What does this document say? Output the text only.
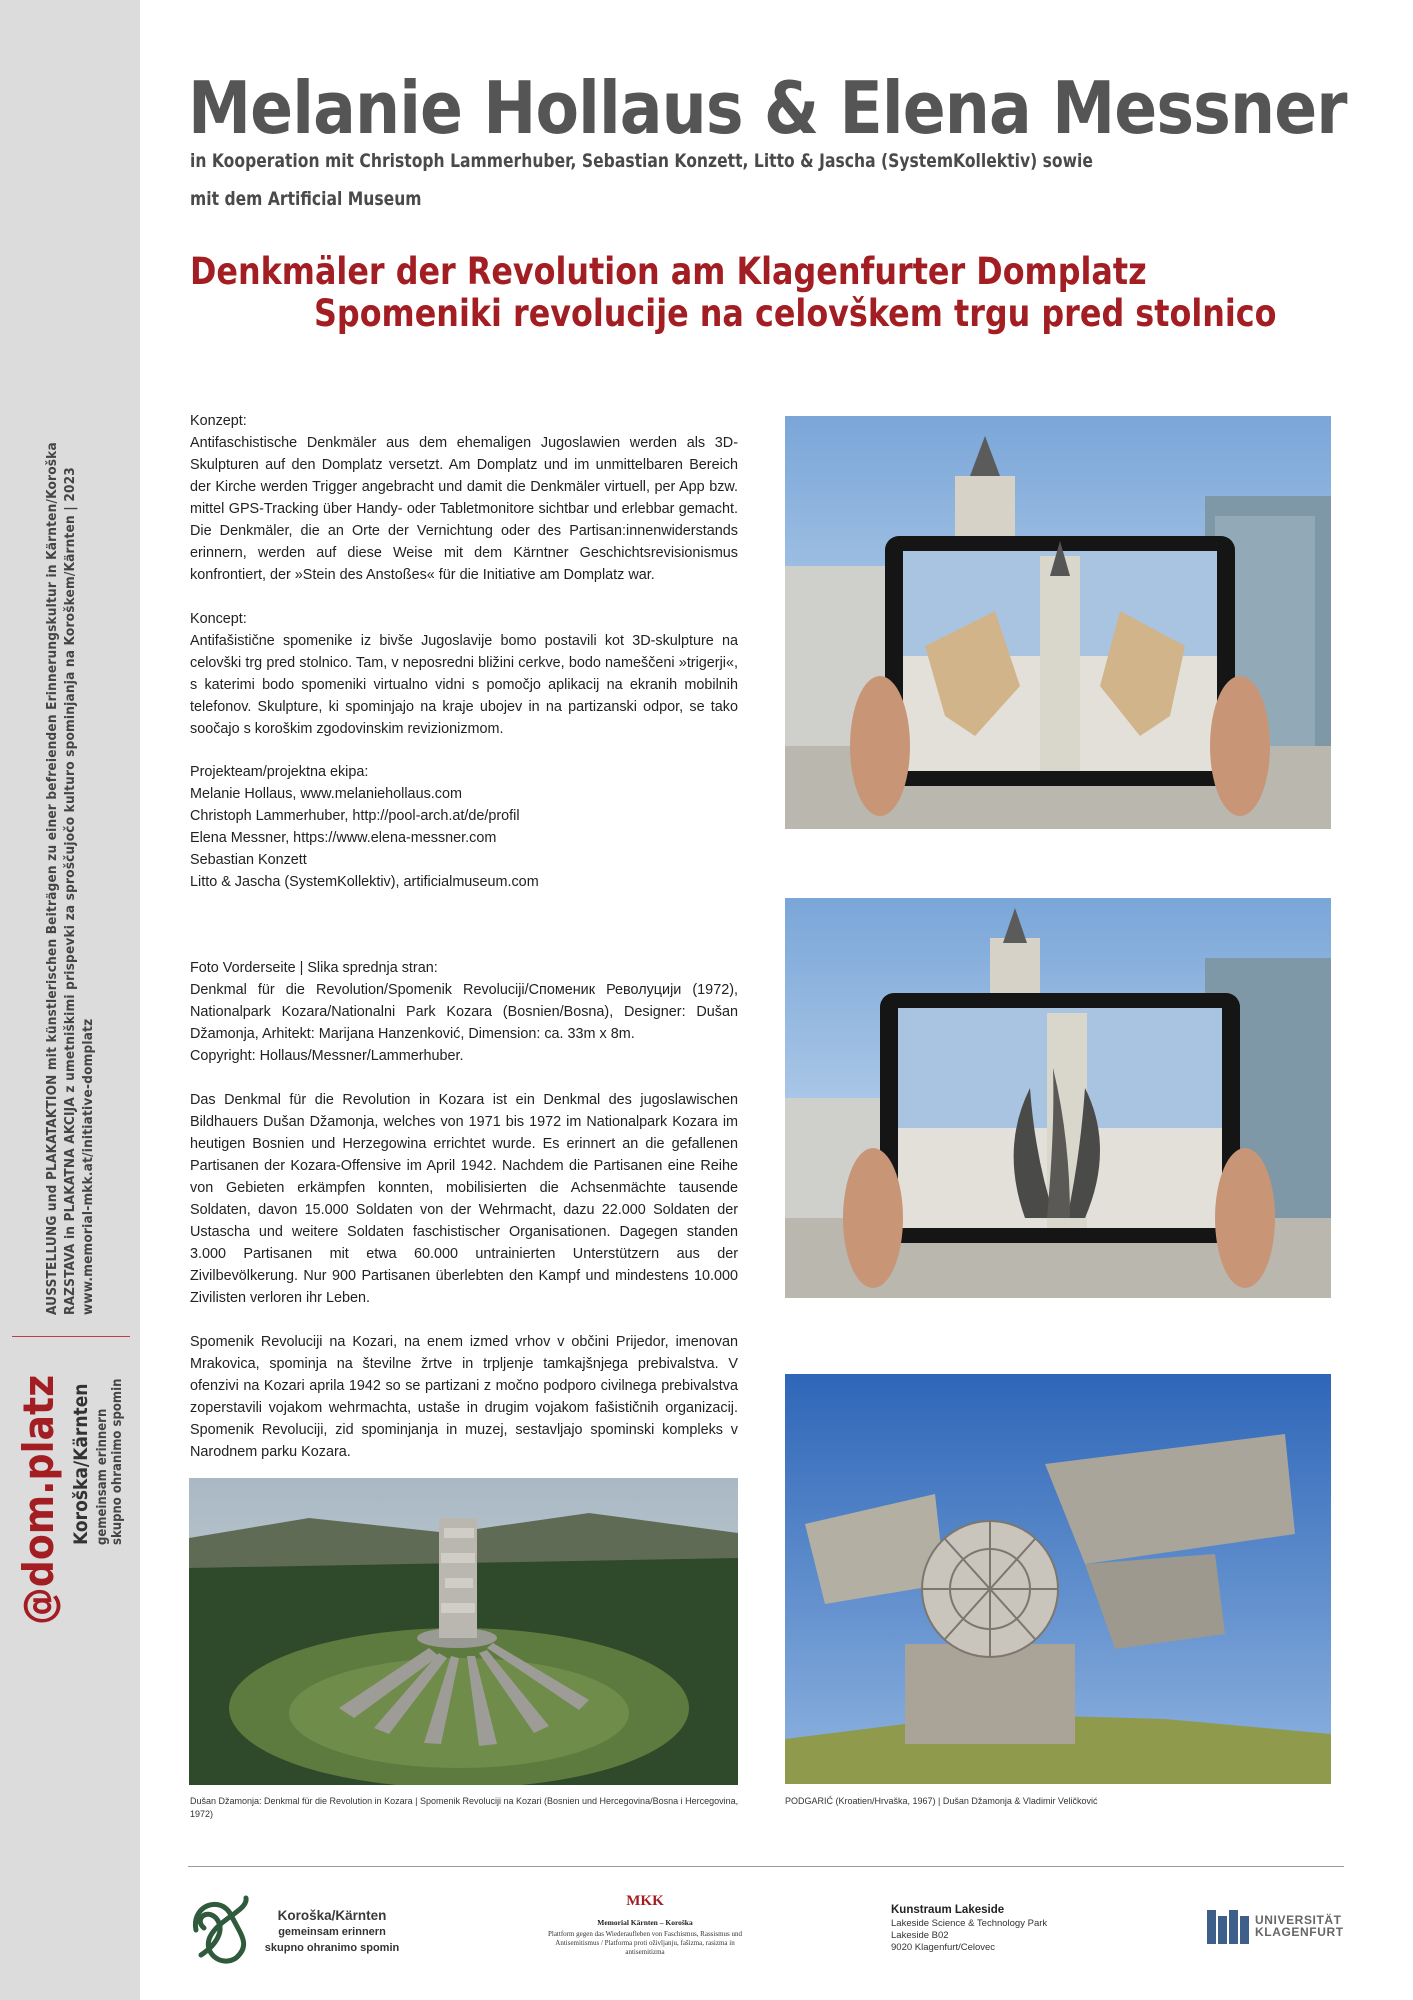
AUSSTELLUNG und PLAKATAKTION mit künstlerischen Beiträgen zu einer befreienden Erinnerungskultur in Kärnten/Koroška RAZSTAVA in PLAKATNA AKCIJA z umetniškimi prispevki za sproščujočo kulturo spominjanja na Koroškem/Kärnten | 2023 www.memorial-mkk.at/initiative-domplatz
@dom.platz Koroška/Kärnten gemeinsam erinnern skupno ohranimo spomin
Melanie Hollaus & Elena Messner
in Kooperation mit Christoph Lammerhuber, Sebastian Konzett, Litto & Jascha (SystemKollektiv) sowie
mit dem Artificial Museum
Denkmäler der Revolution am Klagenfurter Domplatz
Spomeniki revolucije na celovškem trgu pred stolnico

Konzept:

Antifaschistische Denkmäler aus dem ehemaligen Jugoslawien werden als 3D-Skulpturen auf den Domplatz versetzt. Am Domplatz und im unmittelbaren Bereich der Kirche werden Trigger angebracht und damit die Denkmäler virtuell, per App bzw. mittel GPS-Tracking über Handy- oder Tabletmonitore sichtbar und erlebbar gemacht. Die Denkmäler, die an Orte der Vernichtung oder des Partisan:innenwiderstands erinnern, werden auf diese Weise mit dem Kärntner Geschichtsrevisionismus konfrontiert, der »Stein des Anstoßes« für die Initiative am Domplatz war.

Koncept:

Antifašistične spomenike iz bivše Jugoslavije bomo postavili kot 3D-skulpture na celovški trg pred stolnico. Tam, v neposredni bližini cerkve, bodo nameščeni »trigerji«, s katerimi bodo spomeniki virtualno vidni s pomočjo aplikacij na ekranih mobilnih telefonov. Skulpture, ki spominjajo na kraje ubojev in na partizanski odpor, se tako soočajo s koroškim zgodovinskim revizionizmom.

Projekteam/projektna ekipa:

Melanie Hollaus, www.melaniehollaus.com

Christoph Lammerhuber, http://pool-arch.at/de/profil

Elena Messner, https://www.elena-messner.com

Sebastian Konzett

Litto & Jascha (SystemKollektiv), artificialmuseum.com

Foto Vorderseite | Slika sprednja stran:

Denkmal für die Revolution/Spomenik Revoluciji/Споменик Револуцији (1972), Nationalpark Kozara/Nationalni Park Kozara (Bosnien/Bosna), Designer: Dušan Džamonja, Arhitekt: Marijana Hanzenković, Dimension: ca. 33m x 8m.

Copyright: Hollaus/Messner/Lammerhuber.

Das Denkmal für die Revolution in Kozara ist ein Denkmal des jugoslawischen Bildhauers Dušan Džamonja, welches von 1971 bis 1972 im Nationalpark Kozara im heutigen Bosnien und Herzegowina errichtet wurde. Es erinnert an die gefallenen Partisanen der Kozara-Offensive im April 1942. Nachdem die Partisanen eine Reihe von Gebieten erkämpfen konnten, mobilisierten die Achsenmächte tausende Soldaten, davon 15.000 Soldaten von der Wehrmacht, dazu 22.000 Soldaten der Ustascha und weitere Soldaten faschistischer Organisationen. Dagegen standen 3.000 Partisanen mit etwa 60.000 untrainierten Unterstützern aus der Zivilbevölkerung. Nur 900 Partisanen überlebten den Kampf und mindestens 10.000 Zivilisten verloren ihr Leben.

Spomenik Revoluciji na Kozari, na enem izmed vrhov v občini Prijedor, imenovan Mrakovica, spominja na številne žrtve in trpljenje tamkajšnjega prebivalstva. V ofenzivi na Kozari aprila 1942 so se partizani z močno podporo civilnega prebivalstva zoperstavili vojakom wehrmachta, ustaše in drugim vojakom fašističnih organizacij. Spomenik Revoluciji, zid spominjanja in muzej, sestavljajo spominski kompleks v Narodnem parku Kozara.

Dušan Džamonja: Denkmal für die Revolution in Kozara | Spomenik Revoluciji na Kozari (Bosnien und Hercegovina/Bosna i Hercegovina, 1972)
PODGARIĆ (Kroatien/Hrvaška, 1967) | Dušan Džamonja & Vladimir Veličković
Koroška/Kärnten
gemeinsam erinnern
skupno ohranimo spomin
MKK
Memorial Kärnten – Koroška
Plattform gegen das Wiederaufleben von Faschismus, Rassismus und Antisemitismus / Platforma proti oživljanju, fašizma, rasizma in antisemitizma
Kunstraum Lakeside
Lakeside Science & Technology Park
Lakeside B02
9020 Klagenfurt/Celovec
UNIVERSITÄT
KLAGENFURT
